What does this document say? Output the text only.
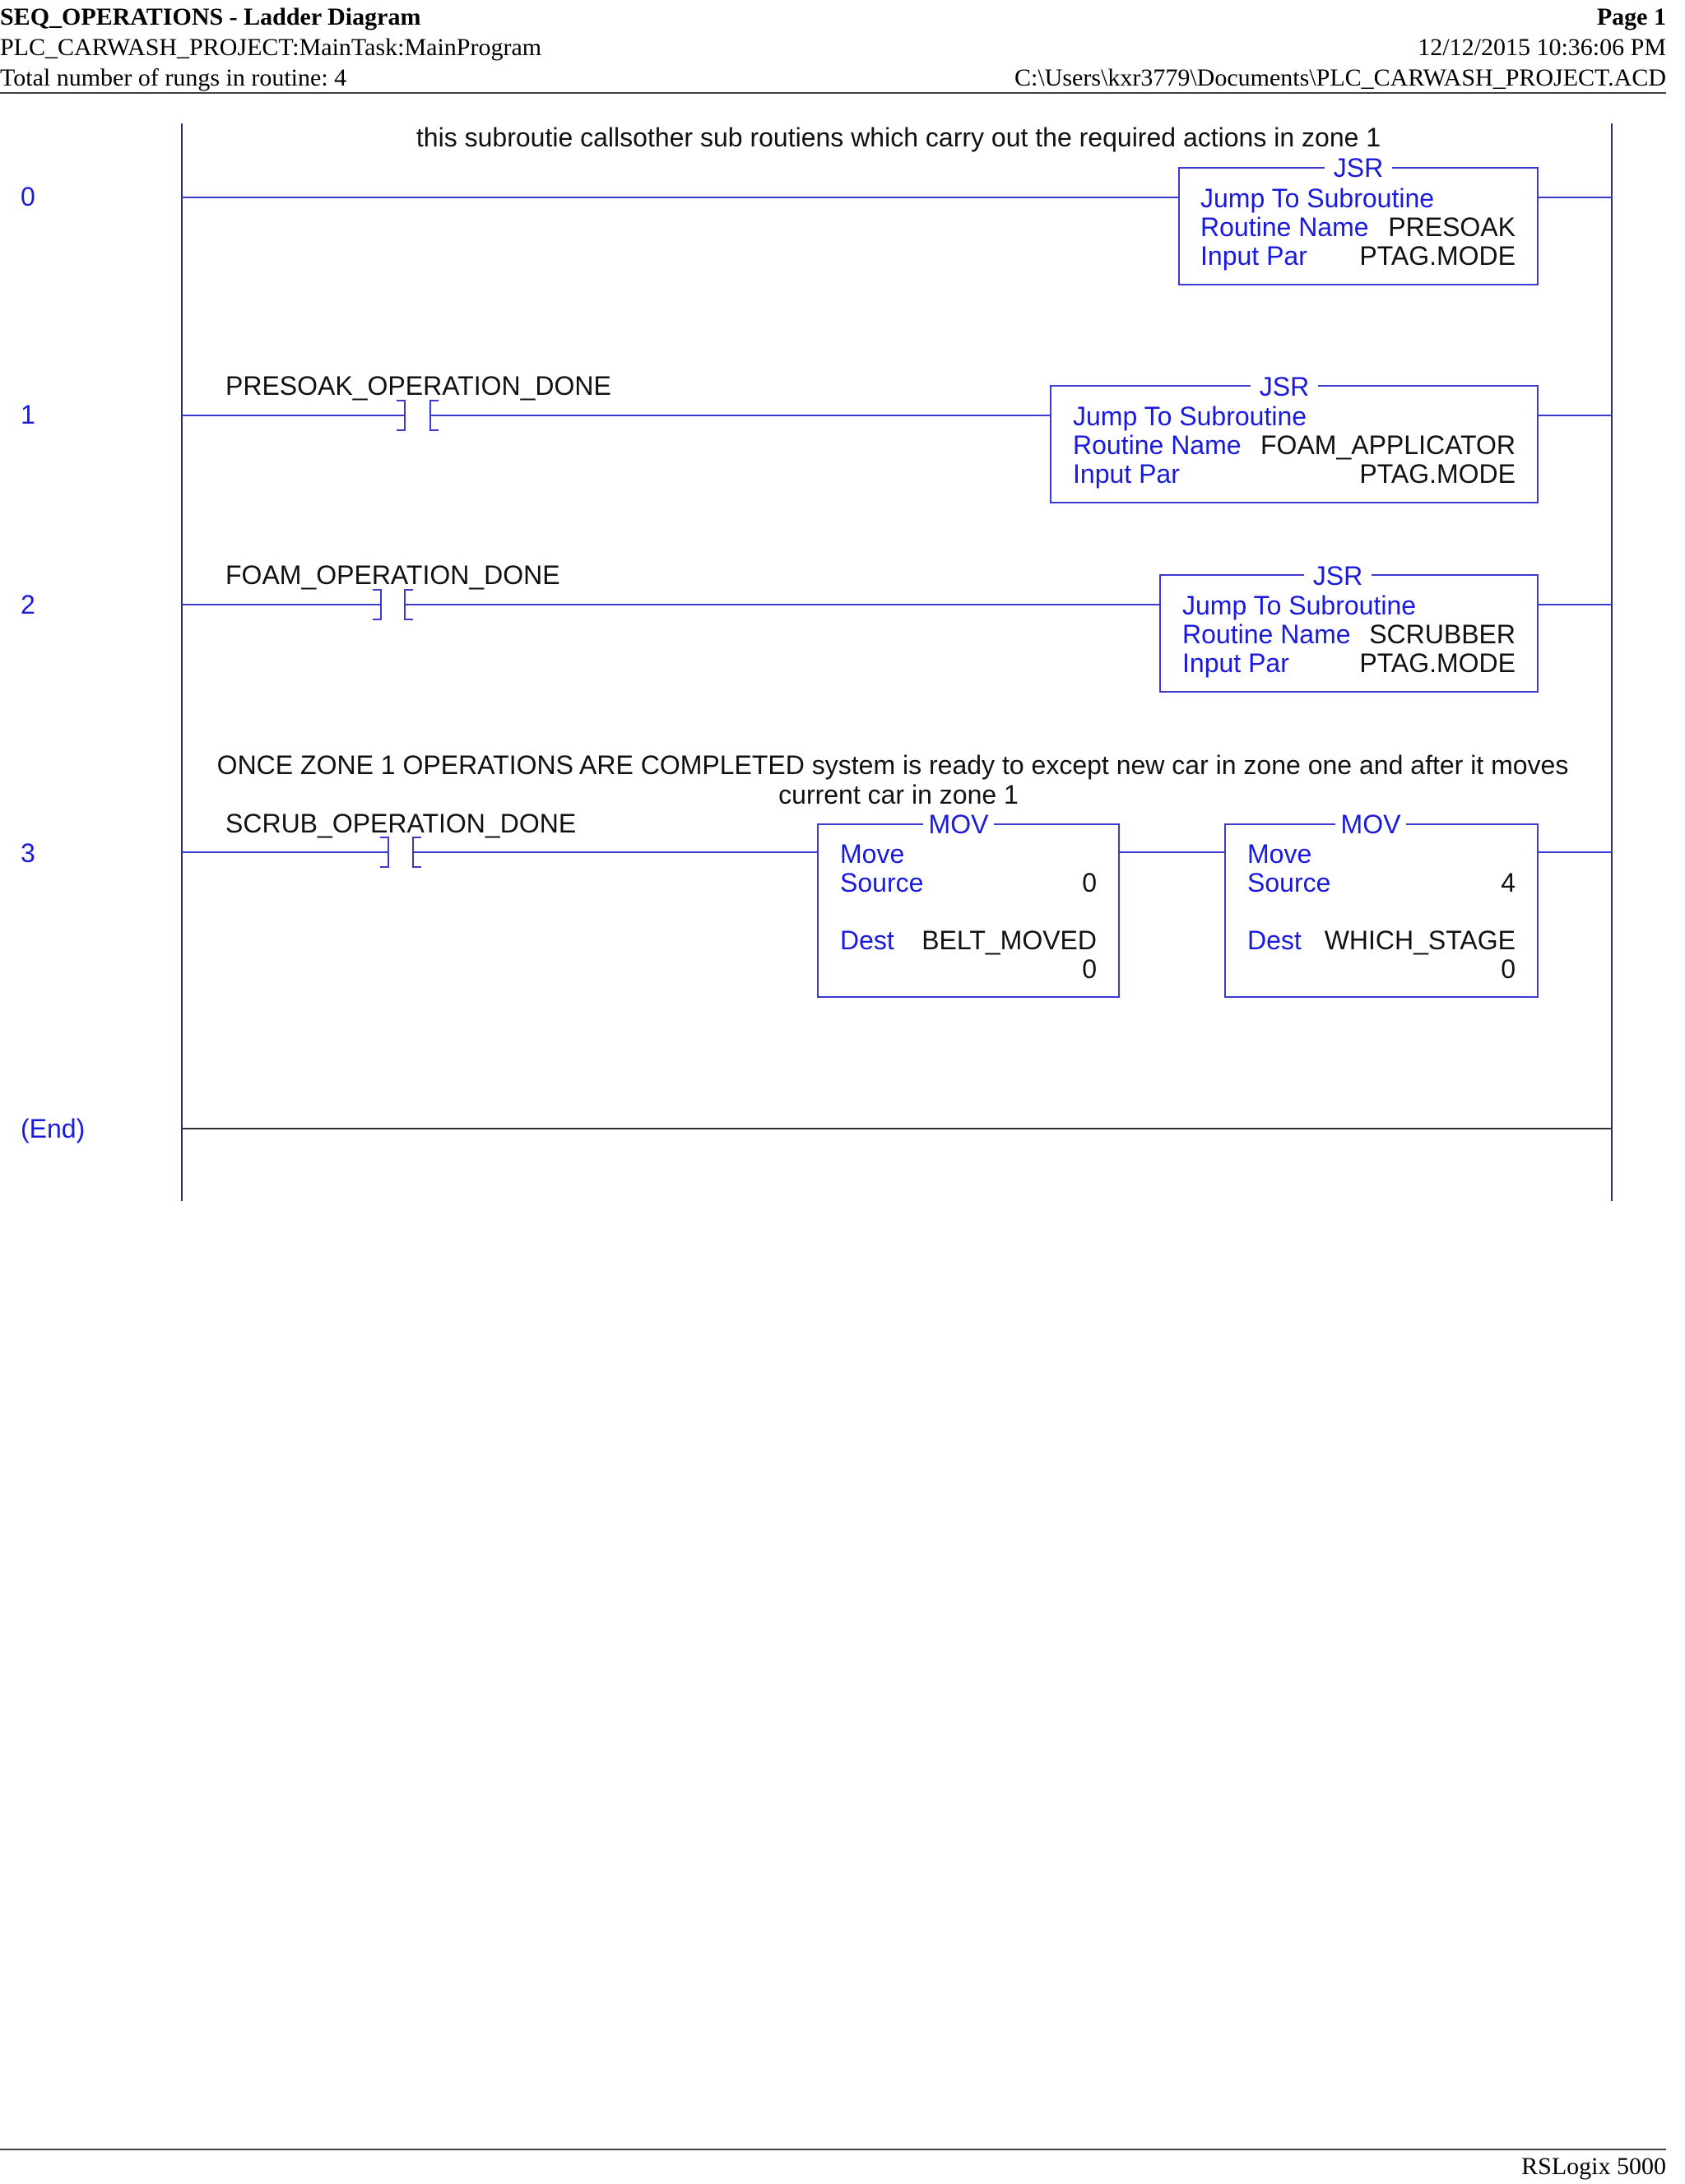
SEQ_OPERATIONS - Ladder Diagram	Page 1
PLC_CARWASH_PROJECT:MainTask:MainProgram	12/12/2015 10:36:06 PM
Total number of rungs in routine: 4	C:\Users\kxr3779\Documents\PLC_CARWASH_PROJECT.ACD
this subroutie callsother sub routiens which carry out the required actions in zone 1
0
JSR
Jump To Subroutine
Routine Name PRESOAK
Input Par PTAG.MODE
1
PRESOAK_OPERATION_DONE	JSR
Jump To Subroutine
Routine Name FOAM_APPLICATOR
Input Par	PTAG.MODE
2
FOAM_OPERATION_DONE	JSR
Jump To Subroutine
Routine Name SCRUBBER
Input Par	PTAG.MODE
ONCE ZONE 1 OPERATIONS ARE COMPLETED system is ready to except new car in zone one and after it moves
current car in zone 1
3
SCRUB_OPERATION_DONE	MOV
Move
Source	0
Dest BELT_MOVED
0
MOV
Move
Source	4
Dest WHICH_STAGE
0
(End)
RSLogix 5000
